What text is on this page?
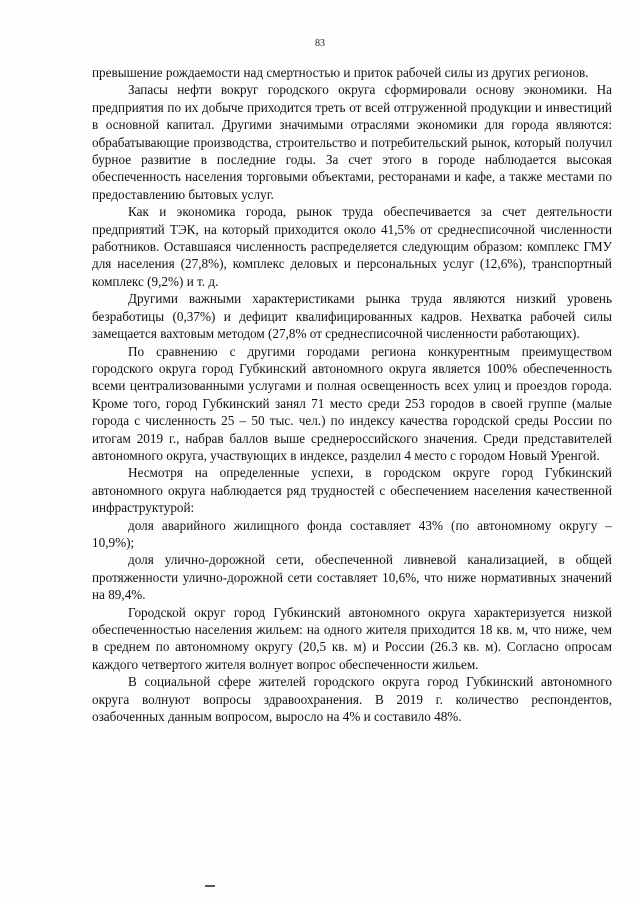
83

превышение рождаемости над смертностью и приток рабочей силы из других регионов.

Запасы нефти вокруг городского округа сформировали основу экономики. На предприятия по их добыче приходится треть от всей отгруженной продукции и инвестиций в основной капитал. Другими значимыми отраслями экономики для города являются: обрабатывающие производства, строительство и потребительский рынок, который получил бурное развитие в последние годы. За счет этого в городе наблюдается высокая обеспеченность населения торговыми объектами, ресторанами и кафе, а также местами по предоставлению бытовых услуг.

Как и экономика города, рынок труда обеспечивается за счет деятельности предприятий ТЭК, на который приходится около 41,5% от среднесписочной численности работников. Оставшаяся численность распределяется следующим образом: комплекс ГМУ для населения (27,8%), комплекс деловых и персональных услуг (12,6%), транспортный комплекс (9,2%) и т. д.

Другими важными характеристиками рынка труда являются низкий уровень безработицы (0,37%) и дефицит квалифицированных кадров. Нехватка рабочей силы замещается вахтовым методом (27,8% от среднесписочной численности работающих).

По сравнению с другими городами региона конкурентным преимуществом городского округа город Губкинский автономного округа является 100% обеспеченность всеми централизованными услугами и полная освещенность всех улиц и проездов города. Кроме того, город Губкинский занял 71 место среди 253 городов в своей группе (малые города с численность 25 – 50 тыс. чел.) по индексу качества городской среды России по итогам 2019 г., набрав баллов выше среднероссийского значения. Среди представителей автономного округа, участвующих в индексе, разделил 4 место с городом Новый Уренгой.

Несмотря на определенные успехи, в городском округе город Губкинский автономного округа наблюдается ряд трудностей с обеспечением населения качественной инфраструктурой:

доля аварийного жилищного фонда составляет 43% (по автономному округу – 10,9%);

доля улично-дорожной сети, обеспеченной ливневой канализацией, в общей протяженности улично-дорожной сети составляет 10,6%, что ниже нормативных значений на 89,4%.

Городской округ город Губкинский автономного округа характеризуется низкой обеспеченностью населения жильем: на одного жителя приходится 18 кв. м, что ниже, чем в среднем по автономному округу (20,5 кв. м) и России (26.3 кв. м). Согласно опросам каждого четвертого жителя волнует вопрос обеспеченности жильем.

В социальной сфере жителей городского округа город Губкинский автономного округа волнуют вопросы здравоохранения. В 2019 г. количество респондентов, озабоченных данным вопросом, выросло на 4% и составило 48%.
